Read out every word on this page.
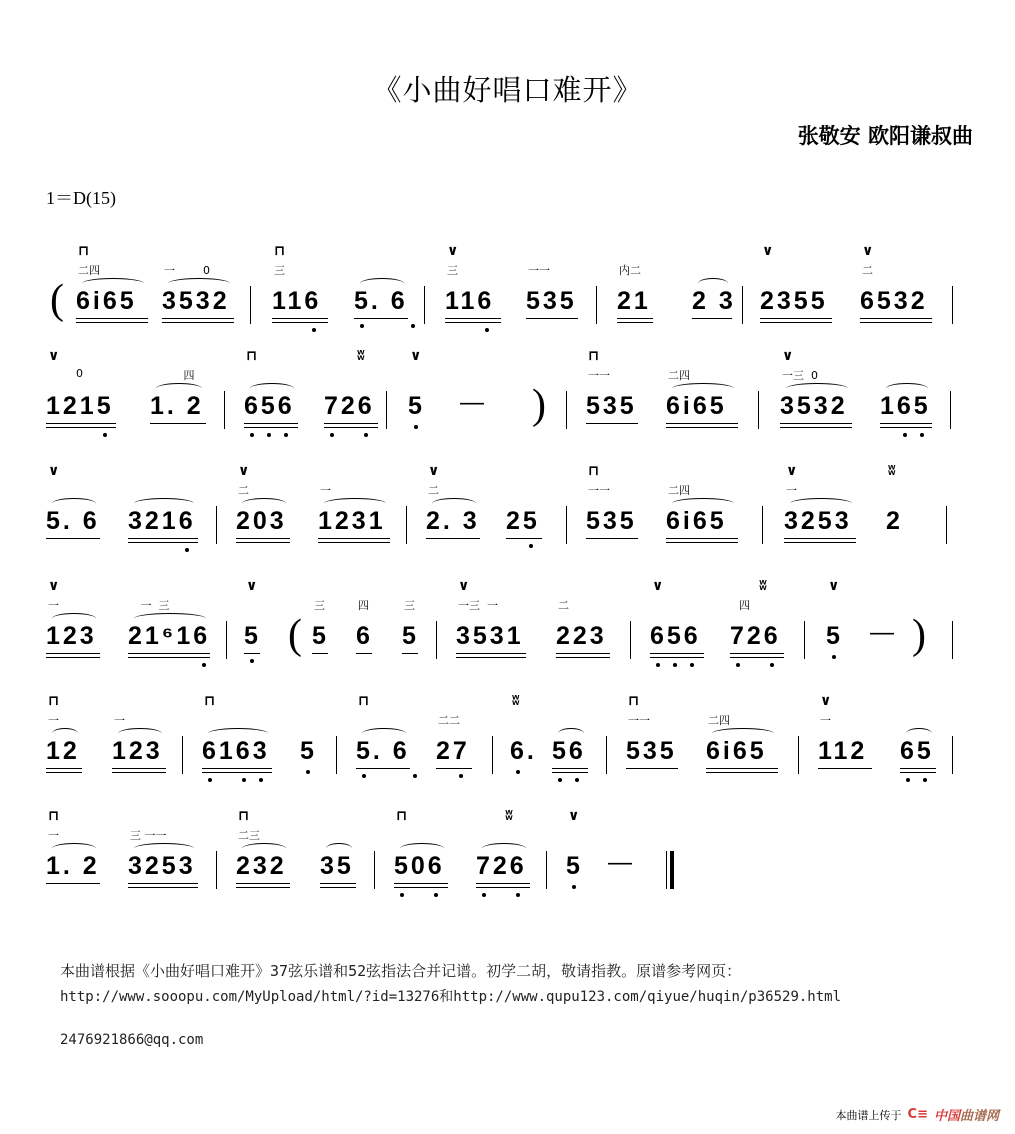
《小曲好唱口难开》
张敬安 欧阳谦叔曲
1＝D(15)
(
⊓
二四
6i65
一        0
3532
⊓
三
116 5. 6
∨
三
116
一一
535
内二
21 2 3
∨
2355
∨
二
6532
∨
0
1215
四
1. 2
⊓
656
ʬ
726
∨
5 — )
⊓
一一
535
二四
6i65
∨
一三  0
3532 165
∨
5. 6 3216
∨
二
203
一
1231
∨
二
2. 3 25
⊓
一一
535
二四
6i65
∨
一
3253
ʬ
2
∨
一
123
一  三
21⁶16
∨
5 (
三
5
四
6
三
5
∨
一三  一
3531
二
223
∨
656
ʬ
四
726
∨
5 — )
⊓
一
12
一
123
⊓
6163 5
⊓
5. 6
二二
27
ʬ
6. 56
⊓
一一
535
二四
6i65
∨
一
112 65
⊓
一
1. 2
三 一一
3253
⊓
二三
232 35
⊓
506
ʬ
726
∨
5 —
本曲谱根据《小曲好唱口难开》37弦乐谱和52弦指法合并记谱。初学二胡，敬请指教。原谱参考网页：
http://www.sooopu.com/MyUpload/html/?id=13276和http://www.qupu123.com/qiyue/huqin/p36529.html
2476921866@qq.com
本曲谱上传于 C≡ 中国 曲谱网
